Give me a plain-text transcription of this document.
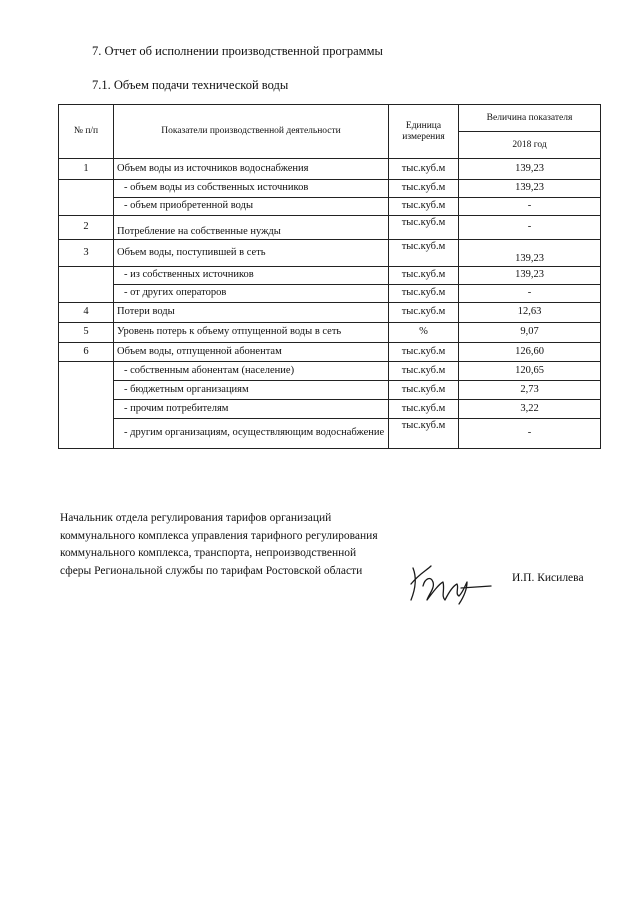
7. Отчет об исполнении производственной программы
7.1. Объем подачи технической воды
№ п/п	Показатели производственной деятельности	Единица измерения	Величина показателя
			2018 год
1	Объем воды из источников водоснабжения	тыс.куб.м	139,23
	- объем воды из собственных источников	тыс.куб.м	139,23
	- объем приобретенной воды	тыс.куб.м	-
2	Потребление на собственные нужды	тыс.куб.м	-
3	Объем воды, поступившей в сеть	тыс.куб.м	139,23
	- из собственных источников	тыс.куб.м	139,23
	- от других операторов	тыс.куб.м	-
4	Потери воды	тыс.куб.м	12,63
5	Уровень потерь к объему отпущенной воды в сеть	%	9,07
6	Объем воды, отпущенной абонентам	тыс.куб.м	126,60
	- собственным абонентам (население)	тыс.куб.м	120,65
	- бюджетным организациям	тыс.куб.м	2,73
	- прочим потребителям	тыс.куб.м	3,22
	- другим организациям, осуществляющим водоснабжение	тыс.куб.м	-
Начальник отдела регулирования тарифов организаций коммунального комплекса управления тарифного регулирования коммунального комплекса, транспорта, непроизводственной сферы Региональной службы по тарифам Ростовской области
И.П. Кисилева
